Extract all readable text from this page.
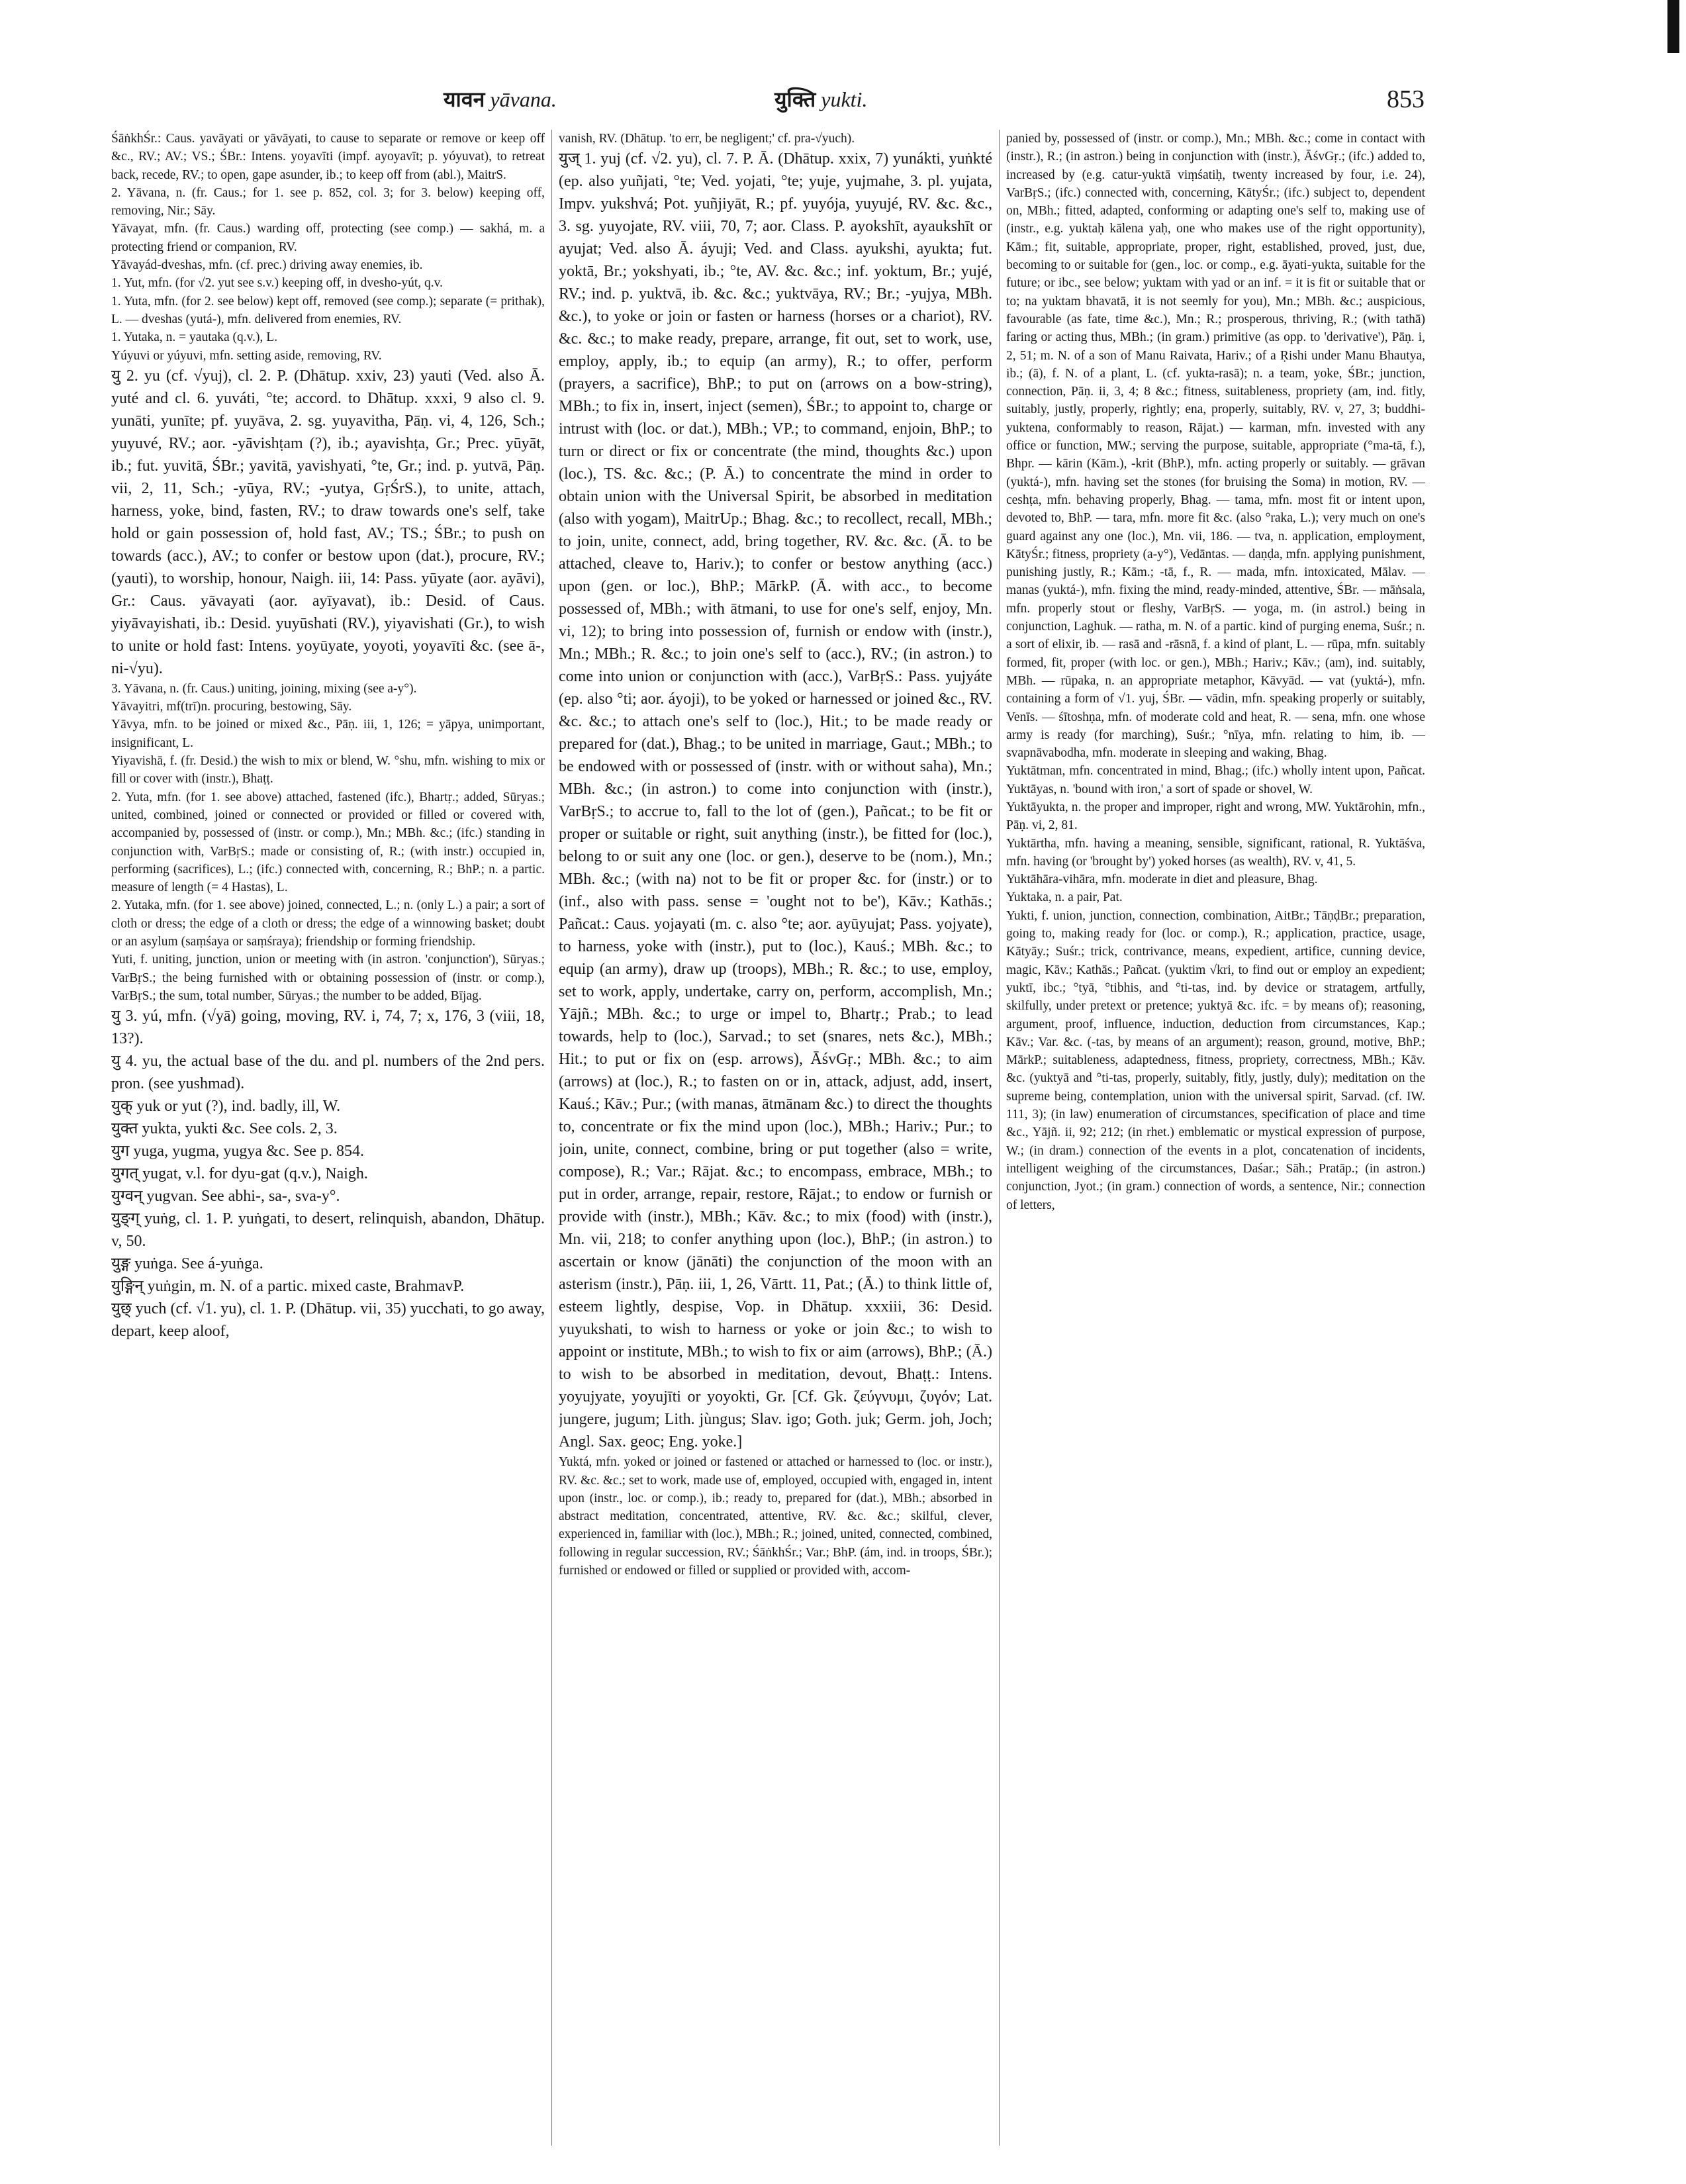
यावन yāvana.	युक्ति yukti.	853

ŚāṅkhŚr.: Caus. yavāyati or yāvāyati, to cause to separate or remove or keep off &c., RV.; AV.; VS.; ŚBr.: Intens. yoyavīti (impf. ayoyavīt; p. yóyuvat), to retreat back, recede, RV.; to open, gape asunder, ib.; to keep off from (abl.), MaitrS.

2. Yāvana, n. (fr. Caus.; for 1. see p. 852, col. 3; for 3. below) keeping off, removing, Nir.; Sāy.

Yāvayat, mfn. (fr. Caus.) warding off, protecting (see comp.) — sakhá, m. a protecting friend or companion, RV.

Yāvayád-dveshas, mfn. (cf. prec.) driving away enemies, ib.

1. Yut, mfn. (for √2. yut see s.v.) keeping off, in dvesho-yút, q.v.

1. Yuta, mfn. (for 2. see below) kept off, removed (see comp.); separate (= prithak), L. — dveshas (yutá-), mfn. delivered from enemies, RV.

1. Yutaka, n. = yautaka (q.v.), L.

Yúyuvi or yúyuvi, mfn. setting aside, removing, RV.

यु 2. yu (cf. √yuj), cl. 2. P. (Dhātup. xxiv, 23) yauti (Ved. also Ā. yuté and cl. 6. yuváti, °te; accord. to Dhātup. xxxi, 9 also cl. 9. yunāti, yunīte; pf. yuyāva, 2. sg. yuyavitha, Pāṇ. vi, 4, 126, Sch.; yuyuvé, RV.; aor. -yāvishṭam (?), ib.; ayavishṭa, Gr.; Prec. yūyāt, ib.; fut. yuvitā, ŚBr.; yavitā, yavishyati, °te, Gr.; ind. p. yutvā, Pāṇ. vii, 2, 11, Sch.; -yūya, RV.; -yutya, GṛŚrS.), to unite, attach, harness, yoke, bind, fasten, RV.; to draw towards one's self, take hold or gain possession of, hold fast, AV.; TS.; ŚBr.; to push on towards (acc.), AV.; to confer or bestow upon (dat.), procure, RV.; (yauti), to worship, honour, Naigh. iii, 14: Pass. yūyate (aor. ayāvi), Gr.: Caus. yāvayati (aor. ayīyavat), ib.: Desid. of Caus. yiyāvayishati, ib.: Desid. yuyūshati (RV.), yiyavishati (Gr.), to wish to unite or hold fast: Intens. yoyūyate, yoyoti, yoyavīti &c. (see ā-, ni-√yu).

3. Yāvana, n. (fr. Caus.) uniting, joining, mixing (see a-y°).

Yāvayitri, mf(trī)n. procuring, bestowing, Sāy.

Yāvya, mfn. to be joined or mixed &c., Pāṇ. iii, 1, 126; = yāpya, unimportant, insignificant, L.

Yiyavishā, f. (fr. Desid.) the wish to mix or blend, W. °shu, mfn. wishing to mix or fill or cover with (instr.), Bhaṭṭ.

2. Yuta, mfn. (for 1. see above) attached, fastened (ifc.), Bhartṛ.; added, Sūryas.; united, combined, joined or connected or provided or filled or covered with, accompanied by, possessed of (instr. or comp.), Mn.; MBh. &c.; (ifc.) standing in conjunction with, VarBṛS.; made or consisting of, R.; (with instr.) occupied in, performing (sacrifices), L.; (ifc.) connected with, concerning, R.; BhP.; n. a partic. measure of length (= 4 Hastas), L.

2. Yutaka, mfn. (for 1. see above) joined, connected, L.; n. (only L.) a pair; a sort of cloth or dress; the edge of a cloth or dress; the edge of a winnowing basket; doubt or an asylum (saṃśaya or saṃśraya); friendship or forming friendship.

Yuti, f. uniting, junction, union or meeting with (in astron. 'conjunction'), Sūryas.; VarBṛS.; the being furnished with or obtaining possession of (instr. or comp.), VarBṛS.; the sum, total number, Sūryas.; the number to be added, Bījag.

यु 3. yú, mfn. (√yā) going, moving, RV. i, 74, 7; x, 176, 3 (viii, 18, 13?).

यु 4. yu, the actual base of the du. and pl. numbers of the 2nd pers. pron. (see yushmad).

युक् yuk or yut (?), ind. badly, ill, W.

युक्त yukta, yukti &c. See cols. 2, 3.

युग yuga, yugma, yugya &c. See p. 854.

युगत् yugat, v.l. for dyu-gat (q.v.), Naigh.

युग्वन् yugvan. See abhi-, sa-, sva-y°.

युङ्ग् yuṅg, cl. 1. P. yuṅgati, to desert, relinquish, abandon, Dhātup. v, 50.

युङ्ग yuṅga. See á-yuṅga.

युङ्गिन् yuṅgin, m. N. of a partic. mixed caste, BrahmavP.

युछ् yuch (cf. √1. yu), cl. 1. P. (Dhātup. vii, 35) yucchati, to go away, depart, keep aloof,

vanish, RV. (Dhātup. 'to err, be negligent;' cf. pra-√yuch).

युज् 1. yuj (cf. √2. yu), cl. 7. P. Ā. (Dhātup. xxix, 7) yunákti, yuṅkté (ep. also yuñjati, °te; Ved. yojati, °te; yuje, yujmahe, 3. pl. yujata, Impv. yukshvá; Pot. yuñjiyāt, R.; pf. yuyója, yuyujé, RV. &c. &c., 3. sg. yuyojate, RV. viii, 70, 7; aor. Class. P. ayokshīt, ayaukshīt or ayujat; Ved. also Ā. áyuji; Ved. and Class. ayukshi, ayukta; fut. yoktā, Br.; yokshyati, ib.; °te, AV. &c. &c.; inf. yoktum, Br.; yujé, RV.; ind. p. yuktvā, ib. &c. &c.; yuktvāya, RV.; Br.; -yujya, MBh. &c.), to yoke or join or fasten or harness (horses or a chariot), RV. &c. &c.; to make ready, prepare, arrange, fit out, set to work, use, employ, apply, ib.; to equip (an army), R.; to offer, perform (prayers, a sacrifice), BhP.; to put on (arrows on a bow-string), MBh.; to fix in, insert, inject (semen), ŚBr.; to appoint to, charge or intrust with (loc. or dat.), MBh.; VP.; to command, enjoin, BhP.; to turn or direct or fix or concentrate (the mind, thoughts &c.) upon (loc.), TS. &c. &c.; (P. Ā.) to concentrate the mind in order to obtain union with the Universal Spirit, be absorbed in meditation (also with yogam), MaitrUp.; Bhag. &c.; to recollect, recall, MBh.; to join, unite, connect, add, bring together, RV. &c. &c. (Ā. to be attached, cleave to, Hariv.); to confer or bestow anything (acc.) upon (gen. or loc.), BhP.; MārkP. (Ā. with acc., to become possessed of, MBh.; with ātmani, to use for one's self, enjoy, Mn. vi, 12); to bring into possession of, furnish or endow with (instr.), Mn.; MBh.; R. &c.; to join one's self to (acc.), RV.; (in astron.) to come into union or conjunction with (acc.), VarBṛS.: Pass. yujyáte (ep. also °ti; aor. áyoji), to be yoked or harnessed or joined &c., RV. &c. &c.; to attach one's self to (loc.), Hit.; to be made ready or prepared for (dat.), Bhag.; to be united in marriage, Gaut.; MBh.; to be endowed with or possessed of (instr. with or without saha), Mn.; MBh. &c.; (in astron.) to come into conjunction with (instr.), VarBṛS.; to accrue to, fall to the lot of (gen.), Pañcat.; to be fit or proper or suitable or right, suit anything (instr.), be fitted for (loc.), belong to or suit any one (loc. or gen.), deserve to be (nom.), Mn.; MBh. &c.; (with na) not to be fit or proper &c. for (instr.) or to (inf., also with pass. sense = 'ought not to be'), Kāv.; Kathās.; Pañcat.: Caus. yojayati (m. c. also °te; aor. ayūyujat; Pass. yojyate), to harness, yoke with (instr.), put to (loc.), Kauś.; MBh. &c.; to equip (an army), draw up (troops), MBh.; R. &c.; to use, employ, set to work, apply, undertake, carry on, perform, accomplish, Mn.; Yājñ.; MBh. &c.; to urge or impel to, Bhartṛ.; Prab.; to lead towards, help to (loc.), Sarvad.; to set (snares, nets &c.), MBh.; Hit.; to put or fix on (esp. arrows), ĀśvGṛ.; MBh. &c.; to aim (arrows) at (loc.), R.; to fasten on or in, attack, adjust, add, insert, Kauś.; Kāv.; Pur.; (with manas, ātmānam &c.) to direct the thoughts to, concentrate or fix the mind upon (loc.), MBh.; Hariv.; Pur.; to join, unite, connect, combine, bring or put together (also = write, compose), R.; Var.; Rājat. &c.; to encompass, embrace, MBh.; to put in order, arrange, repair, restore, Rājat.; to endow or furnish or provide with (instr.), MBh.; Kāv. &c.; to mix (food) with (instr.), Mn. vii, 218; to confer anything upon (loc.), BhP.; (in astron.) to ascertain or know (jānāti) the conjunction of the moon with an asterism (instr.), Pāṇ. iii, 1, 26, Vārtt. 11, Pat.; (Ā.) to think little of, esteem lightly, despise, Vop. in Dhātup. xxxiii, 36: Desid. yuyukshati, to wish to harness or yoke or join &c.; to wish to appoint or institute, MBh.; to wish to fix or aim (arrows), BhP.; (Ā.) to wish to be absorbed in meditation, devout, Bhaṭṭ.: Intens. yoyujyate, yoyujīti or yoyokti, Gr. [Cf. Gk. ζεύγνυμι, ζυγόν; Lat. jungere, jugum; Lith. jùngus; Slav. igo; Goth. juk; Germ. joh, Joch; Angl. Sax. geoc; Eng. yoke.]

Yuktá, mfn. yoked or joined or fastened or attached or harnessed to (loc. or instr.), RV. &c. &c.; set to work, made use of, employed, occupied with, engaged in, intent upon (instr., loc. or comp.), ib.; ready to, prepared for (dat.), MBh.; absorbed in abstract meditation, concentrated, attentive, RV. &c. &c.; skilful, clever, experienced in, familiar with (loc.), MBh.; R.; joined, united, connected, combined, following in regular succession, RV.; ŚāṅkhŚr.; Var.; BhP. (ám, ind. in troops, ŚBr.); furnished or endowed or filled or supplied or provided with, accom-

panied by, possessed of (instr. or comp.), Mn.; MBh. &c.; come in contact with (instr.), R.; (in astron.) being in conjunction with (instr.), ĀśvGṛ.; (ifc.) added to, increased by (e.g. catur-yuktā viṃśatiḥ, twenty increased by four, i.e. 24), VarBṛS.; (ifc.) connected with, concerning, KātyŚr.; (ifc.) subject to, dependent on, MBh.; fitted, adapted, conforming or adapting one's self to, making use of (instr., e.g. yuktaḥ kālena yaḥ, one who makes use of the right opportunity), Kām.; fit, suitable, appropriate, proper, right, established, proved, just, due, becoming to or suitable for (gen., loc. or comp., e.g. āyati-yukta, suitable for the future; or ibc., see below; yuktam with yad or an inf. = it is fit or suitable that or to; na yuktam bhavatā, it is not seemly for you), Mn.; MBh. &c.; auspicious, favourable (as fate, time &c.), Mn.; R.; prosperous, thriving, R.; (with tathā) faring or acting thus, MBh.; (in gram.) primitive (as opp. to 'derivative'), Pāṇ. i, 2, 51; m. N. of a son of Manu Raivata, Hariv.; of a Ṛishi under Manu Bhautya, ib.; (ā), f. N. of a plant, L. (cf. yukta-rasā); n. a team, yoke, ŚBr.; junction, connection, Pāṇ. ii, 3, 4; 8 &c.; fitness, suitableness, propriety (am, ind. fitly, suitably, justly, properly, rightly; ena, properly, suitably, RV. v, 27, 3; buddhi-yuktena, conformably to reason, Rājat.) — karman, mfn. invested with any office or function, MW.; serving the purpose, suitable, appropriate (°ma-tā, f.), Bhpr. — kārin (Kām.), -krit (BhP.), mfn. acting properly or suitably. — grāvan (yuktá-), mfn. having set the stones (for bruising the Soma) in motion, RV. — ceshṭa, mfn. behaving properly, Bhag. — tama, mfn. most fit or intent upon, devoted to, BhP. — tara, mfn. more fit &c. (also °raka, L.); very much on one's guard against any one (loc.), Mn. vii, 186. — tva, n. application, employment, KātyŚr.; fitness, propriety (a-y°), Vedāntas. — daṇḍa, mfn. applying punishment, punishing justly, R.; Kām.; -tā, f., R. — mada, mfn. intoxicated, Mālav. — manas (yuktá-), mfn. fixing the mind, ready-minded, attentive, ŚBr. — māṅsala, mfn. properly stout or fleshy, VarBṛS. — yoga, m. (in astrol.) being in conjunction, Laghuk. — ratha, m. N. of a partic. kind of purging enema, Suśr.; n. a sort of elixir, ib. — rasā and -rāsnā, f. a kind of plant, L. — rūpa, mfn. suitably formed, fit, proper (with loc. or gen.), MBh.; Hariv.; Kāv.; (am), ind. suitably, MBh. — rūpaka, n. an appropriate metaphor, Kāvyād. — vat (yuktá-), mfn. containing a form of √1. yuj, ŚBr. — vādin, mfn. speaking properly or suitably, Venīs. — śītoshṇa, mfn. of moderate cold and heat, R. — sena, mfn. one whose army is ready (for marching), Suśr.; °nīya, mfn. relating to him, ib. — svapnāvabodha, mfn. moderate in sleeping and waking, Bhag.

Yuktātman, mfn. concentrated in mind, Bhag.; (ifc.) wholly intent upon, Pañcat. Yuktāyas, n. 'bound with iron,' a sort of spade or shovel, W.

Yuktāyukta, n. the proper and improper, right and wrong, MW. Yuktārohin, mfn., Pāṇ. vi, 2, 81.

Yuktārtha, mfn. having a meaning, sensible, significant, rational, R. Yuktāśva, mfn. having (or 'brought by') yoked horses (as wealth), RV. v, 41, 5.

Yuktāhāra-vihāra, mfn. moderate in diet and pleasure, Bhag.

Yuktaka, n. a pair, Pat.

Yukti, f. union, junction, connection, combination, AitBr.; TāṇḍBr.; preparation, going to, making ready for (loc. or comp.), R.; application, practice, usage, Kātyāy.; Suśr.; trick, contrivance, means, expedient, artifice, cunning device, magic, Kāv.; Kathās.; Pañcat. (yuktim √kri, to find out or employ an expedient; yuktī, ibc.; °tyā, °tibhis, and °ti-tas, ind. by device or stratagem, artfully, skilfully, under pretext or pretence; yuktyā &c. ifc. = by means of); reasoning, argument, proof, influence, induction, deduction from circumstances, Kap.; Kāv.; Var. &c. (-tas, by means of an argument); reason, ground, motive, BhP.; MārkP.; suitableness, adaptedness, fitness, propriety, correctness, MBh.; Kāv. &c. (yuktyā and °ti-tas, properly, suitably, fitly, justly, duly); meditation on the supreme being, contemplation, union with the universal spirit, Sarvad. (cf. IW. 111, 3); (in law) enumeration of circumstances, specification of place and time &c., Yājñ. ii, 92; 212; (in rhet.) emblematic or mystical expression of purpose, W.; (in dram.) connection of the events in a plot, concatenation of incidents, intelligent weighing of the circumstances, Daśar.; Sāh.; Pratāp.; (in astron.) conjunction, Jyot.; (in gram.) connection of words, a sentence, Nir.; connection of letters,
